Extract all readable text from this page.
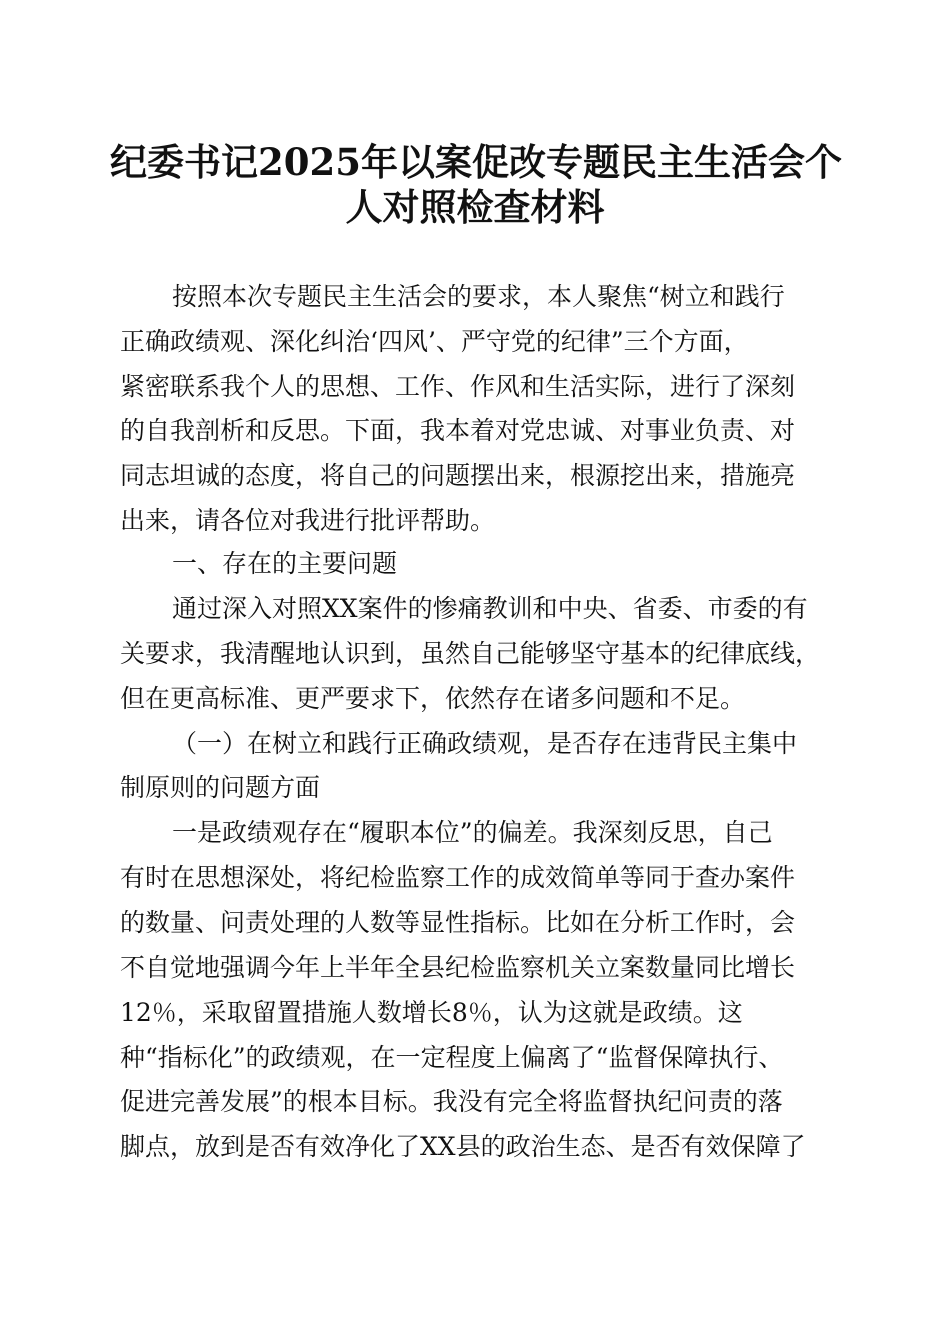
纪委书记2025年以案促改专题民主生活会个
人对照检查材料

按照本次专题民主生活会的要求，本人聚焦“树立和践行

正确政绩观、深化纠治‘四风’、严守党的纪律”三个方面，

紧密联系我个人的思想、工作、作风和生活实际，进行了深刻

的自我剖析和反思。下面，我本着对党忠诚、对事业负责、对

同志坦诚的态度，将自己的问题摆出来，根源挖出来，措施亮

出来，请各位对我进行批评帮助。

一、存在的主要问题

通过深入对照XX案件的惨痛教训和中央、省委、市委的有

关要求，我清醒地认识到，虽然自己能够坚守基本的纪律底线，

但在更高标准、更严要求下，依然存在诸多问题和不足。

（一）在树立和践行正确政绩观，是否存在违背民主集中

制原则的问题方面

一是政绩观存在“履职本位”的偏差。我深刻反思，自己

有时在思想深处，将纪检监察工作的成效简单等同于查办案件

的数量、问责处理的人数等显性指标。比如在分析工作时，会

不自觉地强调今年上半年全县纪检监察机关立案数量同比增长

12％，采取留置措施人数增长8％，认为这就是政绩。这

种“指标化”的政绩观，在一定程度上偏离了“监督保障执行、

促进完善发展”的根本目标。我没有完全将监督执纪问责的落

脚点，放到是否有效净化了XX县的政治生态、是否有效保障了
